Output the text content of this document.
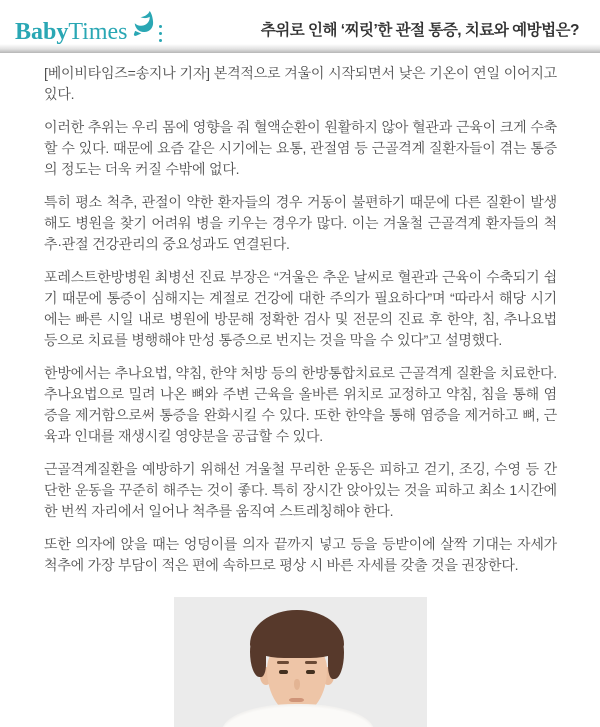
BabyTimes	추위로 인해 ‘찌릿’한 관절 통증, 치료와 예방법은?

[베이비타임즈=송지나 기자] 본격적으로 겨울이 시작되면서 낮은 기온이 연일 이어지고 있다.

이러한 추위는 우리 몸에 영향을 줘 혈액순환이 원활하지 않아 혈관과 근육이 크게 수축할 수 있다. 때문에 요즘 같은 시기에는 요통, 관절염 등 근골격계 질환자들이 겪는 통증의 정도는 더욱 커질 수밖에 없다.

특히 평소 척추, 관절이 약한 환자들의 경우 거동이 불편하기 때문에 다른 질환이 발생해도 병원을 찾기 어려워 병을 키우는 경우가 많다. 이는 겨울철 근골격계 환자들의 척추·관절 건강관리의 중요성과도 연결된다.

포레스트한방병원 최병선 진료 부장은 “겨울은 추운 날씨로 혈관과 근육이 수축되기 쉽기 때문에 통증이 심해지는 계절로 건강에 대한 주의가 필요하다”며 “따라서 해당 시기에는 빠른 시일 내로 병원에 방문해 정확한 검사 및 전문의 진료 후 한약, 침, 추나요법 등으로 치료를 병행해야 만성 통증으로 번지는 것을 막을 수 있다”고 설명했다.

한방에서는 추나요법, 약침, 한약 처방 등의 한방통합치료로 근골격계 질환을 치료한다. 추나요법으로 밀려 나온 뼈와 주변 근육을 올바른 위치로 교정하고 약침, 침을 통해 염증을 제거함으로써 통증을 완화시킬 수 있다. 또한 한약을 통해 염증을 제거하고 뼈, 근육과 인대를 재생시킬 영양분을 공급할 수 있다.

근골격계질환을 예방하기 위해선 겨울철 무리한 운동은 피하고 걷기, 조깅, 수영 등 간단한 운동을 꾸준히 해주는 것이 좋다. 특히 장시간 앉아있는 것을 피하고 최소 1시간에 한 번씩 자리에서 일어나 척추를 움직여 스트레칭해야 한다.

또한 의자에 앉을 때는 엉덩이를 의자 끝까지 넣고 등을 등받이에 살짝 기대는 자세가 척추에 가장 부담이 적은 편에 속하므로 평상 시 바른 자세를 갖출 것을 권장한다.
